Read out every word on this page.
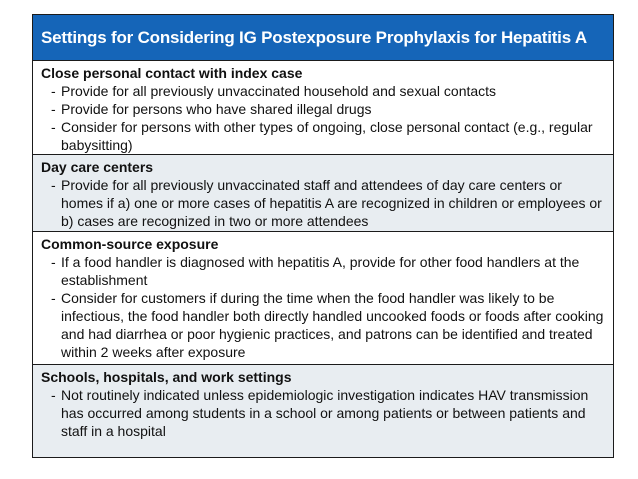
Settings for Considering IG Postexposure Prophylaxis for Hepatitis A
Close personal contact with index case
- Provide for all previously unvaccinated household and sexual contacts
- Provide for persons who have shared illegal drugs
- Consider for persons with other types of ongoing, close personal contact (e.g., regular babysitting)
Day care centers
- Provide for all previously unvaccinated staff and attendees of day care centers or homes if a) one or more cases of hepatitis A are recognized in children or employees or b) cases are recognized in two or more attendees
Common-source exposure
- If a food handler is diagnosed with hepatitis A, provide for other food handlers at the establishment
- Consider for customers if during the time when the food handler was likely to be infectious, the food handler both directly handled uncooked foods or foods after cooking and had diarrhea or poor hygienic practices, and patrons can be identified and treated within 2 weeks after exposure
Schools, hospitals, and work settings
- Not routinely indicated unless epidemiologic investigation indicates HAV transmission has occurred among students in a school or among patients or between patients and staff in a hospital
